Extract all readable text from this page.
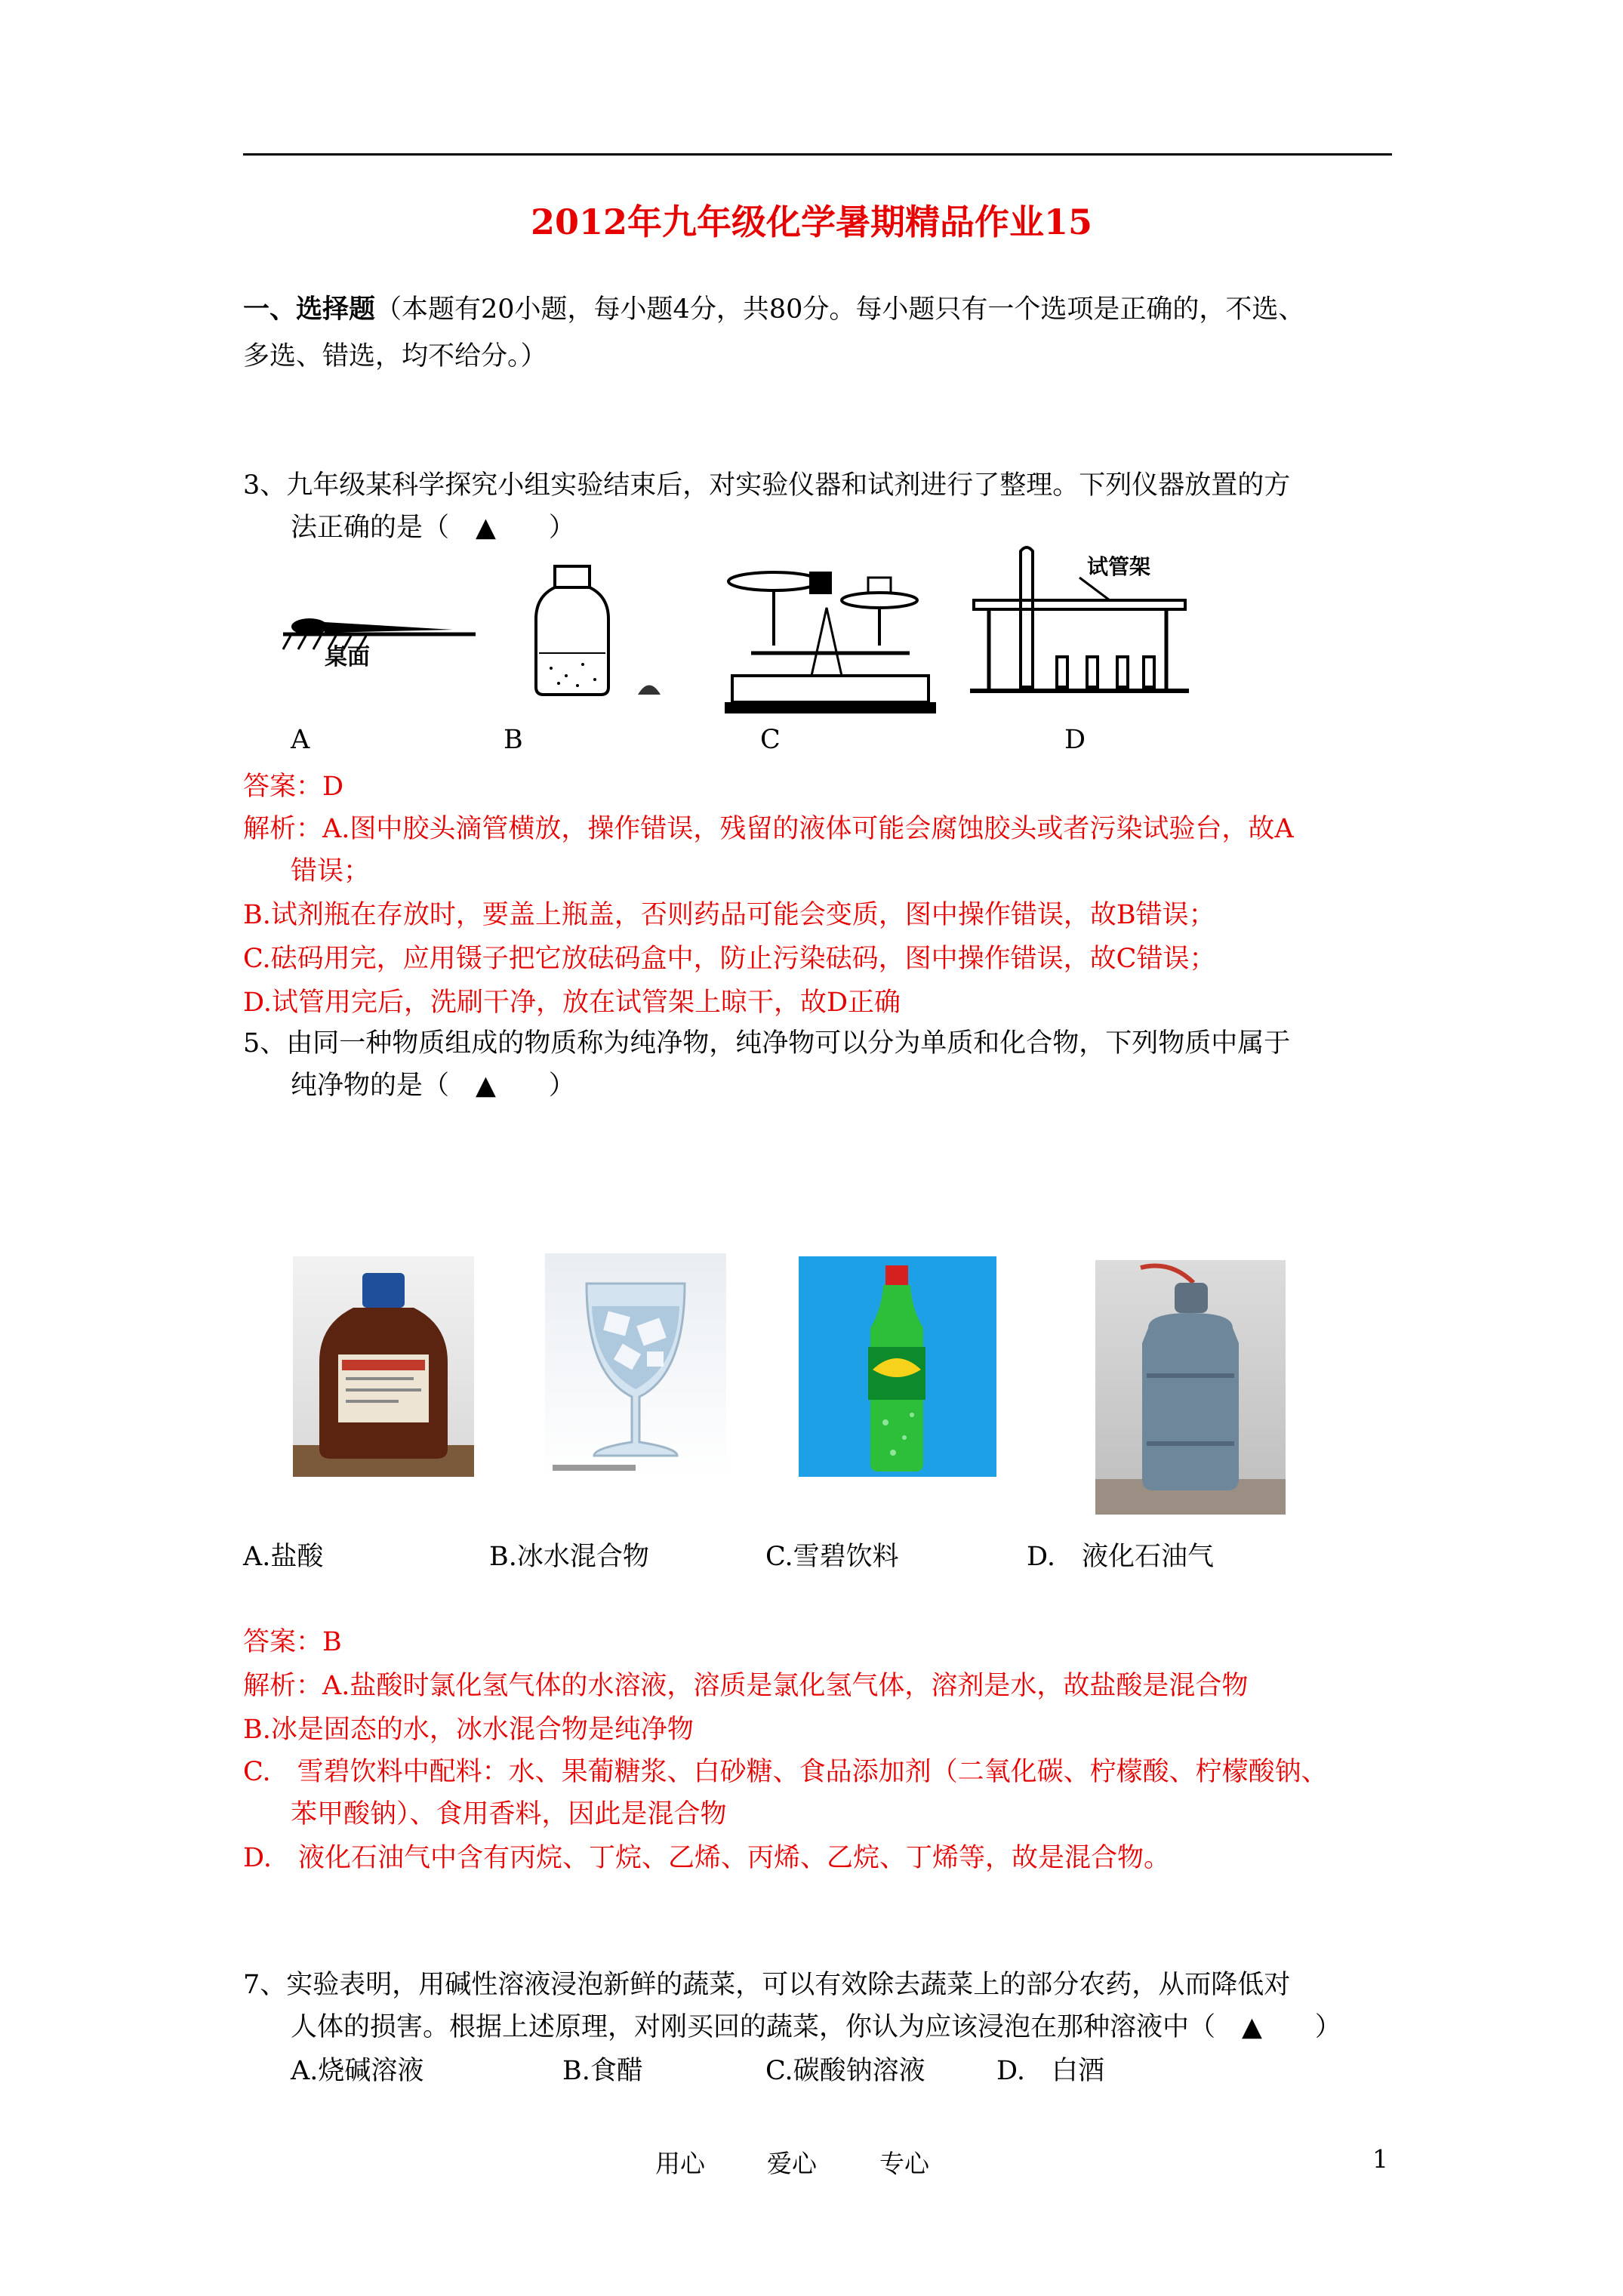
2012年九年级化学暑期精品作业15
一、选择题（本题有20小题，每小题4分，共80分。每小题只有一个选项是正确的，不选、
多选、错选，均不给分。）
3、九年级某科学探究小组实验结束后，对实验仪器和试剂进行了整理。下列仪器放置的方
法正确的是（　▲　　）
桌面
试管架
A	B	C	D
答案：D
解析：A.图中胶头滴管横放，操作错误，残留的液体可能会腐蚀胶头或者污染试验台，故A
错误；
B.试剂瓶在存放时，要盖上瓶盖，否则药品可能会变质，图中操作错误，故B错误；
C.砝码用完，应用镊子把它放砝码盒中，防止污染砝码，图中操作错误，故C错误；
D.试管用完后，洗刷干净，放在试管架上晾干，故D正确
5、由同一种物质组成的物质称为纯净物，纯净物可以分为单质和化合物，下列物质中属于
纯净物的是（　▲　　）
A.盐酸	B.冰水混合物	C.雪碧饮料	D.　液化石油气
答案：B
解析：A.盐酸时氯化氢气体的水溶液，溶质是氯化氢气体，溶剂是水，故盐酸是混合物
B.冰是固态的水，冰水混合物是纯净物
C.　雪碧饮料中配料：水、果葡糖浆、白砂糖、食品添加剂（二氧化碳、柠檬酸、柠檬酸钠、
苯甲酸钠）、食用香料，因此是混合物
D.　液化石油气中含有丙烷、丁烷、乙烯、丙烯、乙烷、丁烯等，故是混合物。
7、实验表明，用碱性溶液浸泡新鲜的蔬菜，可以有效除去蔬菜上的部分农药，从而降低对
人体的损害。根据上述原理，对刚买回的蔬菜，你认为应该浸泡在那种溶液中（　▲　　）
A.烧碱溶液	B.食醋	C.碳酸钠溶液	D.　白酒
用心 爱心	专心	1
